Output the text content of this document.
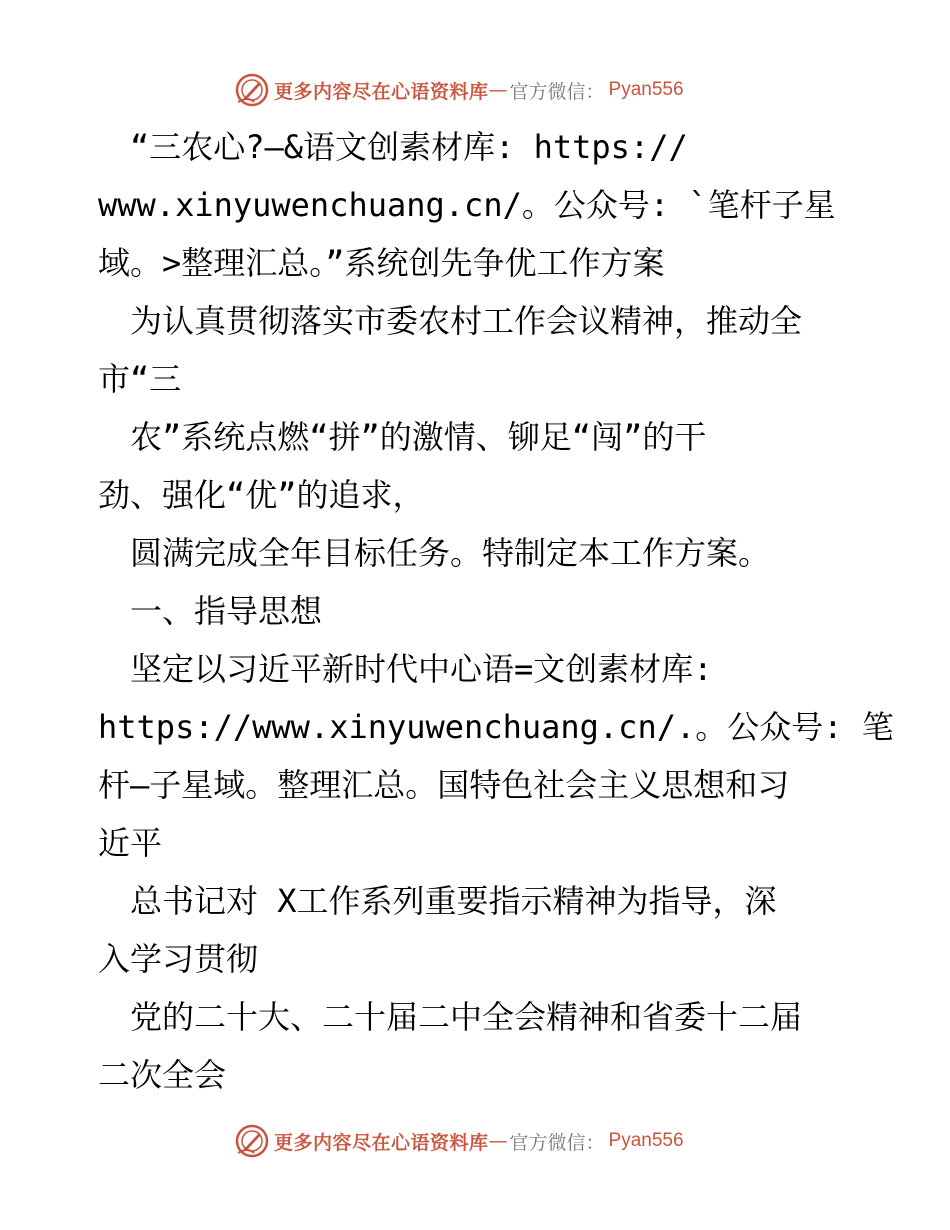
更多内容尽在心语资料库 — 官方微信： Pyan556
　“三农心?—&语文创素材库: https://
www.xinyuwenchuang.cn/。公众号: `笔杆子星
域。>整理汇总。”系统创先争优工作方案
　为认真贯彻落实市委农村工作会议精神，推动全
市“三
　农”系统点燃“拼”的激情、铆足“闯”的干
劲、强化“优”的追求，
　圆满完成全年目标任务。特制定本工作方案。
　一、指导思想
　坚定以习近平新时代中心语=文创素材库:
https://www.xinyuwenchuang.cn/.。公众号: 笔
杆—子星域。整理汇总。国特色社会主义思想和习
近平
　总书记对 X工作系列重要指示精神为指导，深
入学习贯彻
　党的二十大、二十届二中全会精神和省委十二届
二次全会
更多内容尽在心语资料库 — 官方微信： Pyan556
